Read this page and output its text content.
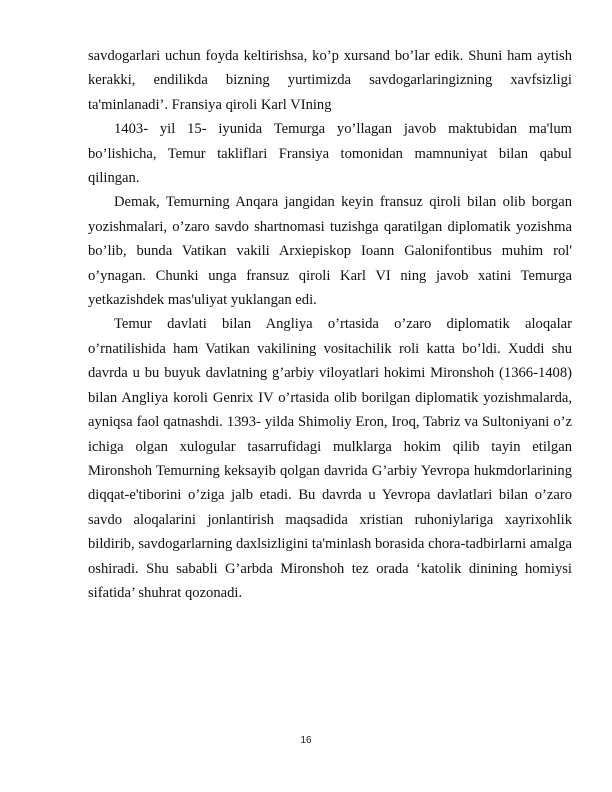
savdogarlari uchun foyda keltirishsa, ko’p xursand bo’lar edik. Shuni ham aytish kerakki, endilikda bizning yurtimizda savdogarlaringizning xavfsizligi ta'minlanadi’. Fransiya qiroli Karl VIning

1403- yil 15- iyunida Temurga yo’llagan javob maktubidan ma'lum bo’lishicha, Temur takliflari Fransiya tomonidan mamnuniyat bilan qabul qilingan.

Demak, Temurning Anqara jangidan keyin fransuz qiroli bilan olib borgan yozishmalari, o’zaro savdo shartnomasi tuzishga qaratilgan diplomatik yozishma bo’lib, bunda Vatikan vakili Arxiepiskop Ioann Galonifontibus muhim rol' o’ynagan. Chunki unga fransuz qiroli Karl VI ning javob xatini Temurga yetkazishdek mas'uliyat yuklangan edi.

Temur davlati bilan Angliya o’rtasida o’zaro diplomatik aloqalar o’rnatilishida ham Vatikan vakilining vositachilik roli katta bo’ldi. Xuddi shu davrda u bu buyuk davlatning g’arbiy viloyatlari hokimi Mironshoh (1366-1408) bilan Angliya koroli Genrix IV o’rtasida olib borilgan diplomatik yozishmalarda, ayniqsa faol qatnashdi. 1393- yilda Shimoliy Eron, Iroq, Tabriz va Sultoniyani o’z ichiga olgan xulogular tasarrufidagi mulklarga hokim qilib tayin etilgan Mironshoh Temurning keksayib qolgan davrida G’arbiy Yevropa hukmdorlarining diqqat-e'tiborini o’ziga jalb etadi. Bu davrda u Yevropa davlatlari bilan o’zaro savdo aloqalarini jonlantirish maqsadida xristian ruhoniylariga xayrixohlik bildirib, savdogarlarning daxlsizligini ta'minlash borasida chora-tadbirlarni amalga oshiradi. Shu sababli G’arbda Mironshoh tez orada ‘katolik dinining homiysi sifatida’ shuhrat qozonadi.

16
